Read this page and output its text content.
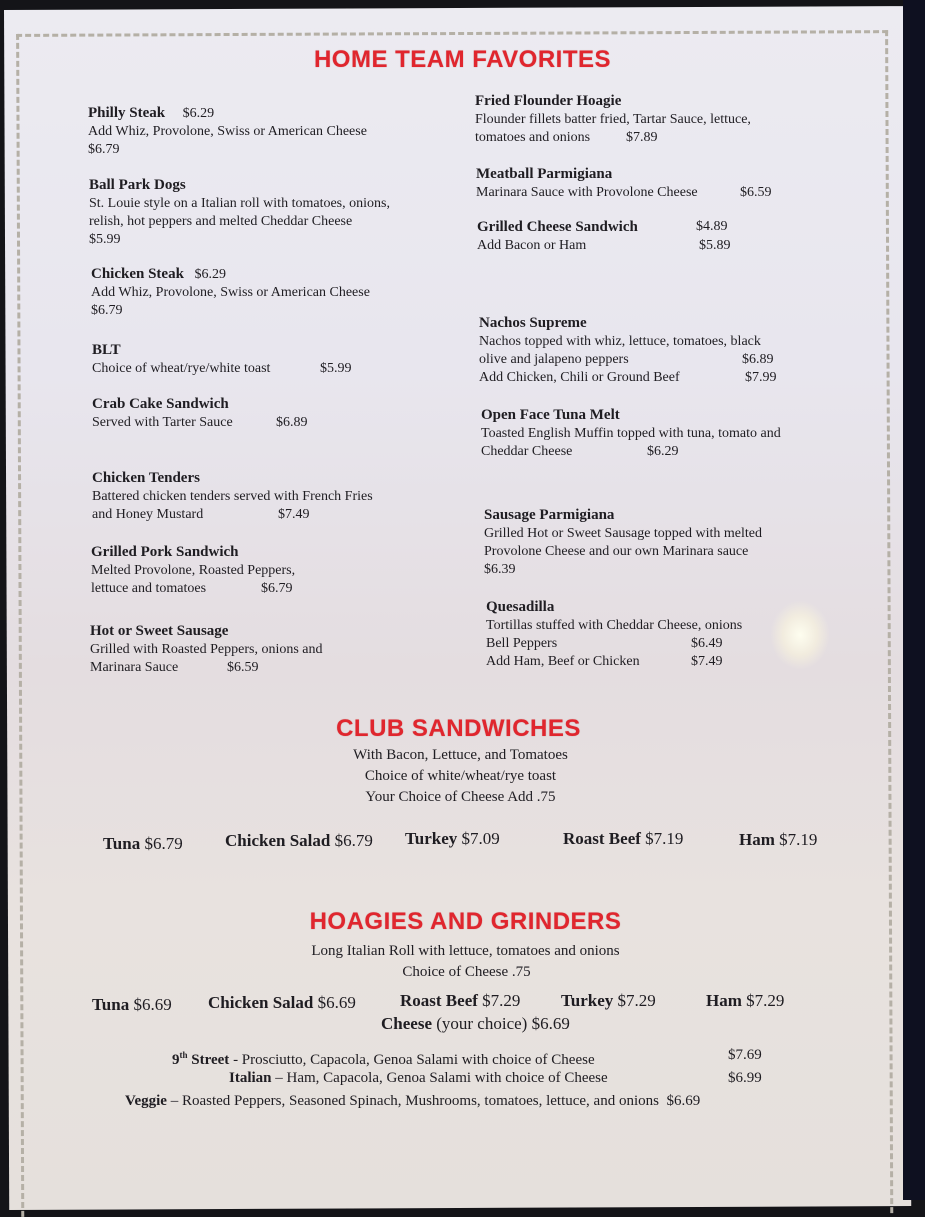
HOME TEAM FAVORITES
Philly Steak $6.29
Add Whiz, Provolone, Swiss or American Cheese
$6.79
Ball Park Dogs
St. Louie style on a Italian roll with tomatoes, onions,
relish, hot peppers and melted Cheddar Cheese
$5.99
Chicken Steak $6.29
Add Whiz, Provolone, Swiss or American Cheese
$6.79
BLT
Choice of wheat/rye/white toast	$5.99
Crab Cake Sandwich
Served with Tarter Sauce	$6.89
Chicken Tenders
Battered chicken tenders served with French Fries
and Honey Mustard	$7.49
Grilled Pork Sandwich
Melted Provolone, Roasted Peppers,
lettuce and tomatoes	$6.79
Hot or Sweet Sausage
Grilled with Roasted Peppers, onions and
Marinara Sauce	$6.59
Fried Flounder Hoagie
Flounder fillets batter fried, Tartar Sauce, lettuce,
tomatoes and onions	$7.89
Meatball Parmigiana
Marinara Sauce with Provolone Cheese	$6.59
Grilled Cheese Sandwich	$4.89
Add Bacon or Ham	$5.89
Nachos Supreme
Nachos topped with whiz, lettuce, tomatoes, black
olive and jalapeno peppers	$6.89
Add Chicken, Chili or Ground Beef	$7.99
Open Face Tuna Melt
Toasted English Muffin topped with tuna, tomato and
Cheddar Cheese	$6.29
Sausage Parmigiana
Grilled Hot or Sweet Sausage topped with melted
Provolone Cheese and our own Marinara sauce
$6.39
Quesadilla
Tortillas stuffed with Cheddar Cheese, onions
Bell Peppers	$6.49
Add Ham, Beef or Chicken	$7.49
CLUB SANDWICHES
With Bacon, Lettuce, and Tomatoes
Choice of white/wheat/rye toast
Your Choice of Cheese Add .75
Tuna $6.79 Chicken Salad $6.79 Turkey $7.09	Roast Beef $7.19	Ham $7.19
HOAGIES AND GRINDERS
Long Italian Roll with lettuce, tomatoes and onions
Choice of Cheese .75
Tuna $6.69 Chicken Salad $6.69	Roast Beef $7.29 Turkey $7.29	Ham $7.29
Cheese (your choice) $6.69
9th Street - Prosciutto, Capacola, Genoa Salami with choice of Cheese	$7.69
Italian – Ham, Capacola, Genoa Salami with choice of Cheese	$6.99
Veggie – Roasted Peppers, Seasoned Spinach, Mushrooms, tomatoes, lettuce, and onions $6.69
